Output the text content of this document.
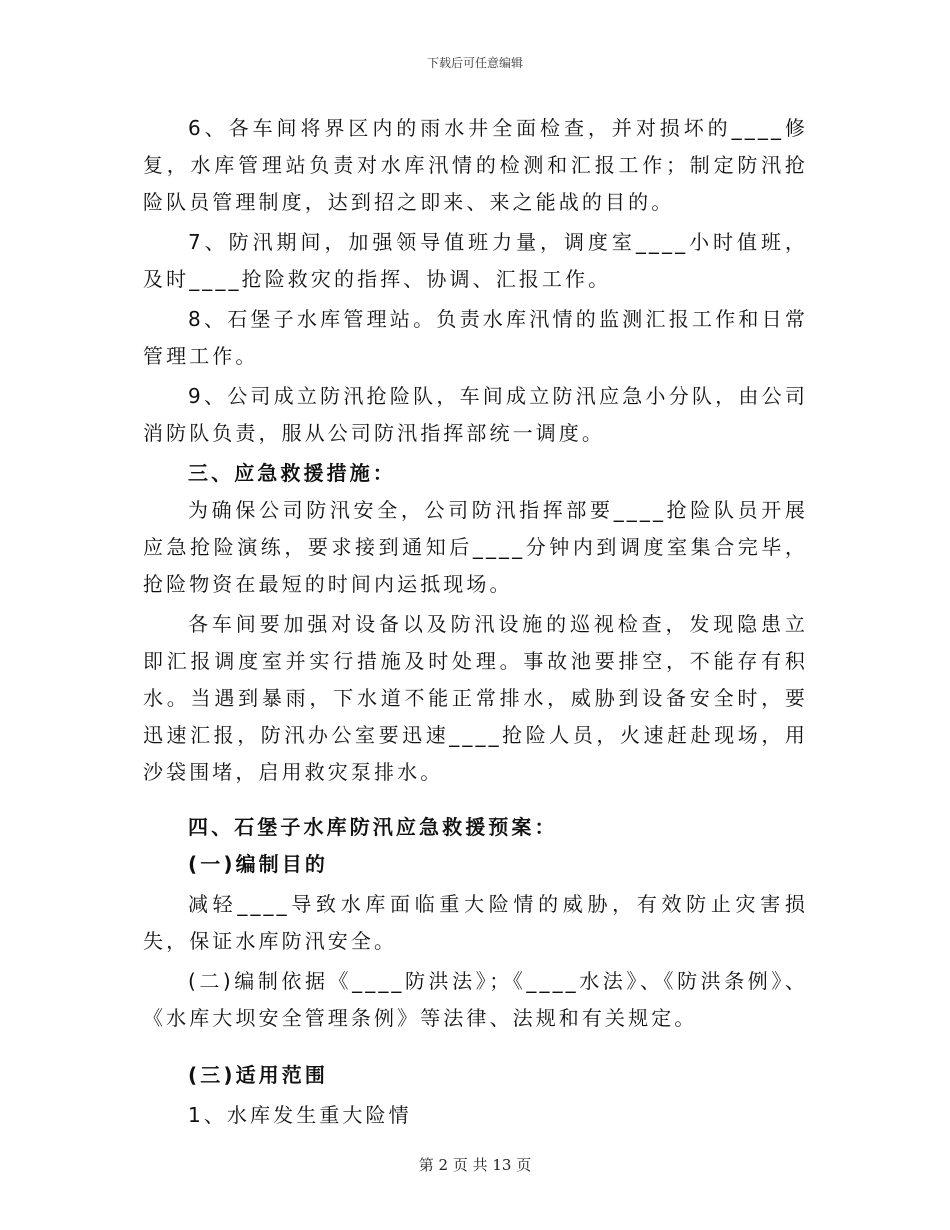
下载后可任意编辑

6、各车间将界区内的雨水井全面检查，并对损坏的____修复，水库管理站负责对水库汛情的检测和汇报工作；制定防汛抢险队员管理制度，达到招之即来、来之能战的目的。

7、防汛期间，加强领导值班力量，调度室____小时值班，及时____抢险救灾的指挥、协调、汇报工作。

8、石堡子水库管理站。负责水库汛情的监测汇报工作和日常管理工作。

9、公司成立防汛抢险队，车间成立防汛应急小分队，由公司消防队负责，服从公司防汛指挥部统一调度。

三、应急救援措施：

为确保公司防汛安全，公司防汛指挥部要____抢险队员开展应急抢险演练，要求接到通知后____分钟内到调度室集合完毕，抢险物资在最短的时间内运抵现场。

各车间要加强对设备以及防汛设施的巡视检查，发现隐患立即汇报调度室并实行措施及时处理。事故池要排空，不能存有积水。当遇到暴雨，下水道不能正常排水，威胁到设备安全时，要迅速汇报，防汛办公室要迅速____抢险人员，火速赶赴现场，用沙袋围堵，启用救灾泵排水。

四、石堡子水库防汛应急救援预案：

(一)编制目的

减轻____导致水库面临重大险情的威胁，有效防止灾害损失，保证水库防汛安全。

(二)编制依据《____防洪法》；《____水法》、《防洪条例》、《水库大坝安全管理条例》等法律、法规和有关规定。

(三)适用范围

1、水库发生重大险情

第 2 页 共 13 页
